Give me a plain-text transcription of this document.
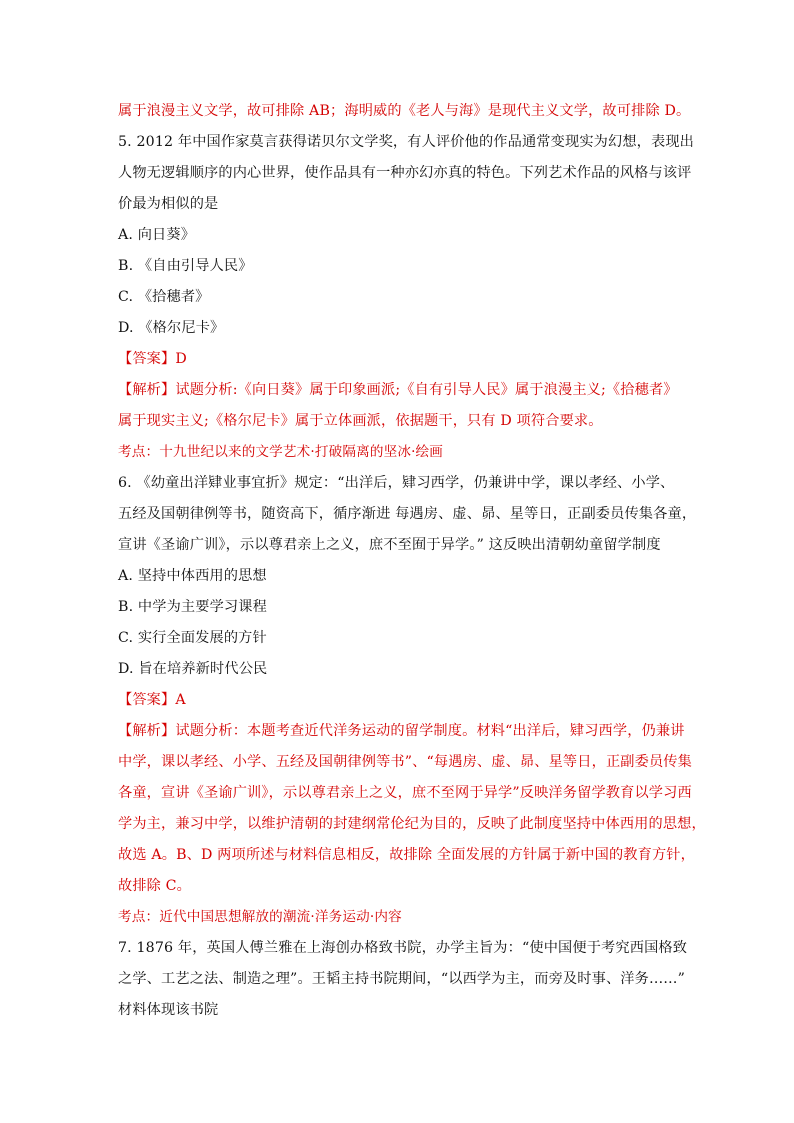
属于浪漫主义文学，故可排除 AB；海明威的《老人与海》是现代主义文学，故可排除 D。
5. 2012 年中国作家莫言获得诺贝尔文学奖，有人评价他的作品通常变现实为幻想，表现出
人物无逻辑顺序的内心世界，使作品具有一种亦幻亦真的特色。下列艺术作品的风格与该评
价最为相似的是
A. 向日葵》
B. 《自由引导人民》
C. 《拾穗者》
D. 《格尔尼卡》
【答案】D
【解析】试题分析:《向日葵》属于印象画派;《自有引导人民》属于浪漫主义;《拾穗者》
属于现实主义;《格尔尼卡》属于立体画派，依据题干，只有 D 项符合要求。
考点：十九世纪以来的文学艺术·打破隔离的坚冰·绘画
6. 《幼童出洋肄业事宜折》规定：“出洋后，肄习西学，仍兼讲中学，课以孝经、小学、
五经及国朝律例等书，随资高下，循序渐进 每遇房、虚、昴、星等日，正副委员传集各童，
宣讲《圣谕广训》，示以尊君亲上之义，庶不至囿于异学。” 这反映出清朝幼童留学制度
A. 坚持中体西用的思想
B. 中学为主要学习课程
C. 实行全面发展的方针
D. 旨在培养新时代公民
【答案】A
【解析】试题分析：本题考查近代洋务运动的留学制度。材料“出洋后，肄习西学，仍兼讲
中学，课以孝经、小学、五经及国朝律例等书”、“每遇房、虚、昴、星等日，正副委员传集
各童，宣讲《圣谕广训》，示以尊君亲上之义，庶不至网于异学”反映洋务留学教育以学习西
学为主，兼习中学，以维护清朝的封建纲常伦纪为目的，反映了此制度坚持中体西用的思想，
故选 A。B、D 两项所述与材料信息相反，故排除 全面发展的方针属于新中国的教育方针，
故排除 C。
考点：近代中国思想解放的潮流·洋务运动·内容
7. 1876 年，英国人傅兰雅在上海创办格致书院，办学主旨为：“使中国便于考究西国格致
之学、工艺之法、制造之理”。王韬主持书院期间，“以西学为主，而旁及时事、洋务……”
材料体现该书院
